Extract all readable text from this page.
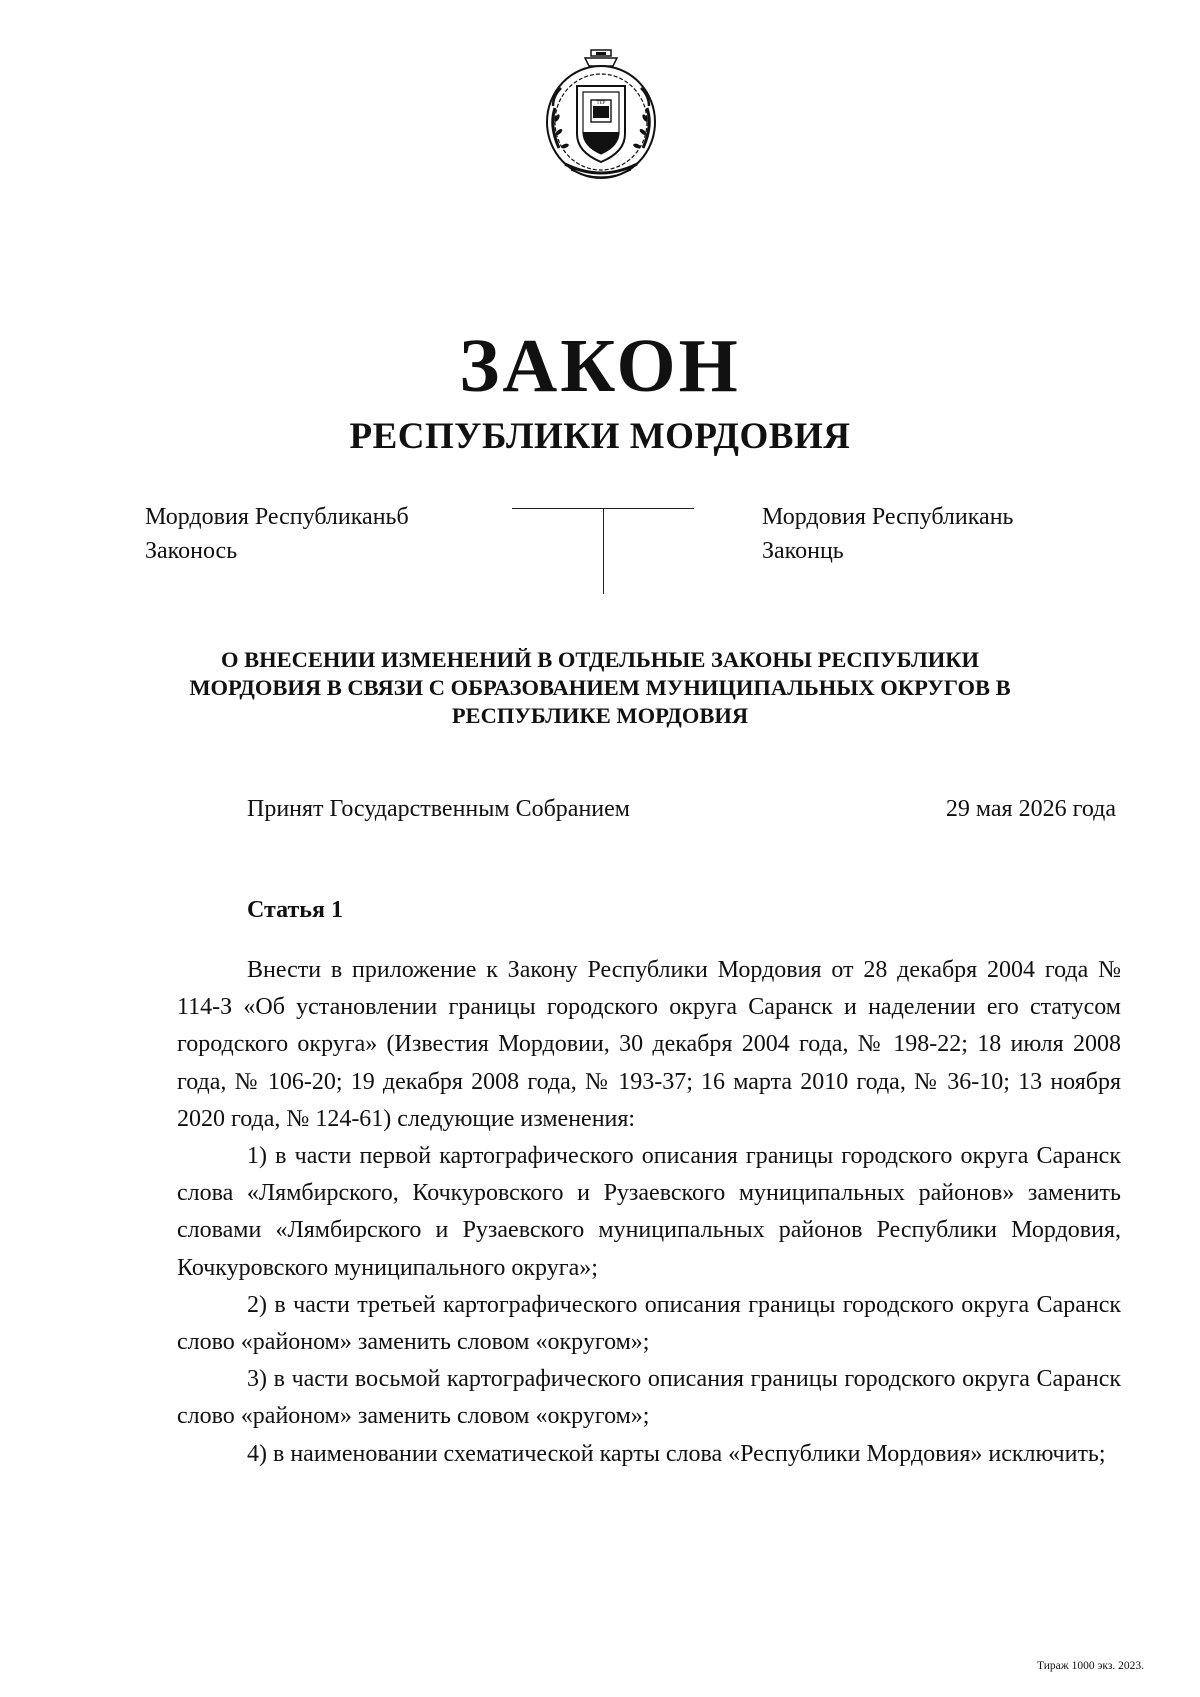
ТЕР
ЗАКОН
РЕСПУБЛИКИ МОРДОВИЯ
Мордовия Республиканьб
Законось
Мордовия Республикань
Законць
О ВНЕСЕНИИ ИЗМЕНЕНИЙ В ОТДЕЛЬНЫЕ ЗАКОНЫ РЕСПУБЛИКИ
МОРДОВИЯ В СВЯЗИ С ОБРАЗОВАНИЕМ МУНИЦИПАЛЬНЫХ ОКРУГОВ В
РЕСПУБЛИКЕ МОРДОВИЯ
Принят Государственным Собранием	29 мая 2026 года
Статья 1

Внести в приложение к Закону Республики Мордовия от 28 декабря 2004 года № 114-З «Об установлении границы городского округа Саранск и наделении его статусом городского округа» (Известия Мордовии, 30 декабря 2004 года, № 198-22; 18 июля 2008 года, № 106-20; 19 декабря 2008 года, № 193-37; 16 марта 2010 года, № 36-10; 13 ноября 2020 года, № 124-61) следующие изменения:

1) в части первой картографического описания границы городского округа Саранск слова «Лямбирского, Кочкуровского и Рузаевского муниципальных районов» заменить словами «Лямбирского и Рузаевского муниципальных районов Республики Мордовия, Кочкуровского муниципального округа»;

2) в части третьей картографического описания границы городского округа Саранск слово «районом» заменить словом «округом»;

3) в части восьмой картографического описания границы городского округа Саранск слово «районом» заменить словом «округом»;

4) в наименовании схематической карты слова «Республики Мордовия» исключить;

Тираж 1000 экз. 2023.
